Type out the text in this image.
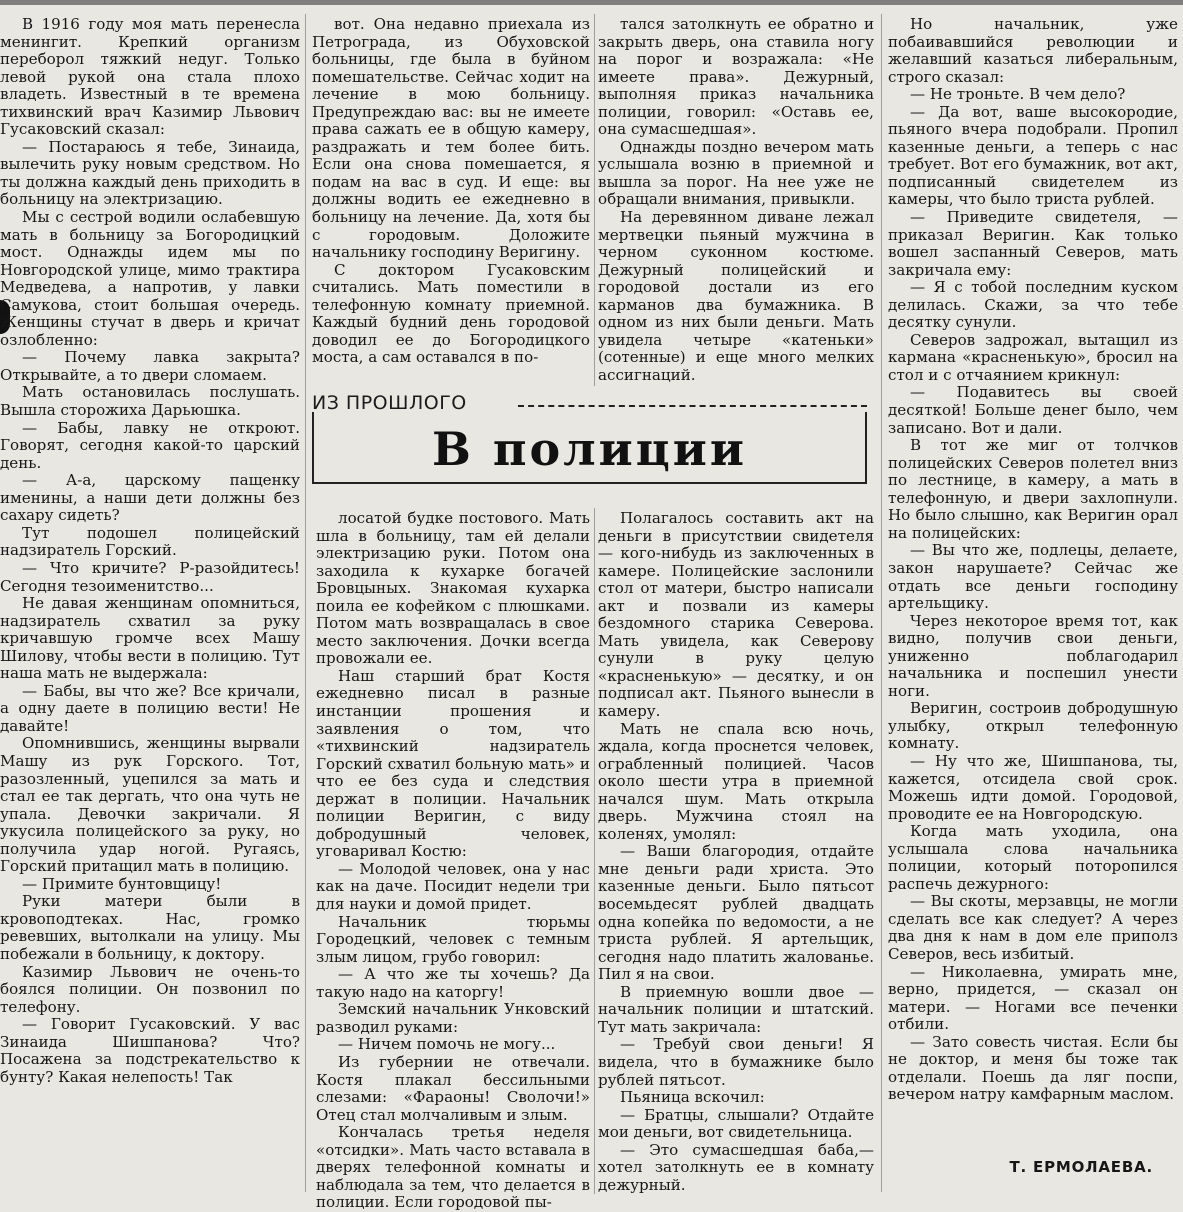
В 1916 году моя мать перенесла менингит. Крепкий организм переборол тяжкий недуг. Только левой рукой она стала плохо владеть. Известный в те времена тихвинский врач Казимир Львович Гусаковский сказал:

— Постараюсь я тебе, Зинаида, вылечить руку новым средством. Но ты должна каждый день приходить в больницу на электризацию.

Мы с сестрой водили ослабевшую мать в больницу за Богородицкий мост. Однажды идем мы по Новгородской улице, мимо трактира Медведева, а напротив, у лавки Самукова, стоит большая очередь. Женщины стучат в дверь и кричат озлобленно:

— Почему лавка закрыта? Открывайте, а то двери сломаем.

Мать остановилась послушать. Вышла сторожиха Дарьюшка.

— Бабы, лавку не откроют. Говорят, сегодня какой-то царский день.

— А-а, царскому пащенку именины, а наши дети должны без сахару сидеть?

Тут подошел полицейский надзиратель Горский.

— Что кричите? Р-разойдитесь! Сегодня тезоименитство...

Не давая женщинам опомниться, надзиратель схватил за руку кричавшую громче всех Машу Шилову, чтобы вести в полицию. Тут наша мать не выдержала:

— Бабы, вы что же? Все кричали, а одну даете в полицию вести! Не давайте!

Опомнившись, женщины вырвали Машу из рук Горского. Тот, разозленный, уцепился за мать и стал ее так дергать, что она чуть не упала. Девочки закричали. Я укусила полицейского за руку, но получила удар ногой. Ругаясь, Горский притащил мать в полицию.

— Примите бунтовщицу!

Руки матери были в кровоподтеках. Нас, громко ревевших, вытолкали на улицу. Мы побежали в больницу, к доктору.

Казимир Львович не очень-то боялся полиции. Он позвонил по телефону.

— Говорит Гусаковский. У вас Зинаида Шишпанова? Что? Посажена за подстрекательство к бунту? Какая нелепость! Так

вот. Она недавно приехала из Петрограда, из Обуховской больницы, где была в буйном помешательстве. Сейчас ходит на лечение в мою больницу. Предупреждаю вас: вы не имеете права сажать ее в общую камеру, раздражать и тем более бить. Если она снова помешается, я подам на вас в суд. И еще: вы должны водить ее ежедневно в больницу на лечение. Да, хотя бы с городовым. Доложите начальнику господину Веригину.

С доктором Гусаковским считались. Мать поместили в телефонную комнату приемной. Каждый будний день городовой доводил ее до Богородицкого моста, а сам оставался в по-

тался затолкнуть ее обратно и закрыть дверь, она ставила ногу на порог и возражала: «Не имеете права». Дежурный, выполняя приказ начальника полиции, говорил: «Оставь ее, она сумасшедшая».

Однажды поздно вечером мать услышала возню в приемной и вышла за порог. На нее уже не обращали внимания, привыкли.

На деревянном диване лежал мертвецки пьяный мужчина в черном суконном костюме. Дежурный полицейский и городовой достали из его карманов два бумажника. В одном из них были деньги. Мать увидела четыре «катеньки» (сотенные) и еще много мелких ассигнаций.

ИЗ ПРОШЛОГО
В полиции

лосатой будке постового. Мать шла в больницу, там ей делали электризацию руки. Потом она заходила к кухарке богачей Бровцыных. Знакомая кухарка поила ее кофейком с плюшками. Потом мать возвращалась в свое место заключения. Дочки всегда провожали ее.

Наш старший брат Костя ежедневно писал в разные инстанции прошения и заявления о том, что «тихвинский надзиратель Горский схватил больную мать» и что ее без суда и следствия держат в полиции. Начальник полиции Веригин, с виду добродушный человек, уговаривал Костю:

— Молодой человек, она у нас как на даче. Посидит недели три для науки и домой придет.

Начальник тюрьмы Городецкий, человек с темным злым лицом, грубо говорил:

— А что же ты хочешь? Да такую надо на каторгу!

Земский начальник Унковский разводил руками:

— Ничем помочь не могу...

Из губернии не отвечали. Костя плакал бессильными слезами: «Фараоны! Сволочи!» Отец стал молчаливым и злым.

Кончалась третья неделя «отсидки». Мать часто вставала в дверях телефонной комнаты и наблюдала за тем, что делается в полиции. Если городовой пы-

Полагалось составить акт на деньги в присутствии свидетеля — кого-нибудь из заключенных в камере. Полицейские заслонили стол от матери, быстро написали акт и позвали из камеры бездомного старика Северова. Мать увидела, как Северову сунули в руку целую «красненькую» — десятку, и он подписал акт. Пьяного вынесли в камеру.

Мать не спала всю ночь, ждала, когда проснется человек, ограбленный полицией. Часов около шести утра в приемной начался шум. Мать открыла дверь. Мужчина стоял на коленях, умолял:

— Ваши благородия, отдайте мне деньги ради христа. Это казенные деньги. Было пятьсот восемьдесят рублей двадцать одна копейка по ведомости, а не триста рублей. Я артельщик, сегодня надо платить жалованье. Пил я на свои.

В приемную вошли двое — начальник полиции и штатский. Тут мать закричала:

— Требуй свои деньги! Я видела, что в бумажнике было рублей пятьсот.

Пьяница вскочил:

— Братцы, слышали? Отдайте мои деньги, вот свидетельница.

— Это сумасшедшая баба,— хотел затолкнуть ее в комнату дежурный.

Но начальник, уже побаивавшийся революции и желавший казаться либеральным, строго сказал:

— Не троньте. В чем дело?

— Да вот, ваше высокородие, пьяного вчера подобрали. Пропил казенные деньги, а теперь с нас требует. Вот его бумажник, вот акт, подписанный свидетелем из камеры, что было триста рублей.

— Приведите свидетеля, — приказал Веригин. Как только вошел заспанный Северов, мать закричала ему:

— Я с тобой последним куском делилась. Скажи, за что тебе десятку сунули.

Северов задрожал, вытащил из кармана «красненькую», бросил на стол и с отчаянием крикнул:

— Подавитесь вы своей десяткой! Больше денег было, чем записано. Вот и дали.

В тот же миг от толчков полицейских Северов полетел вниз по лестнице, в камеру, а мать в телефонную, и двери захлопнули. Но было слышно, как Веригин орал на полицейских:

— Вы что же, подлецы, делаете, закон нарушаете? Сейчас же отдать все деньги господину артельщику.

Через некоторое время тот, как видно, получив свои деньги, униженно поблагодарил начальника и поспешил унести ноги.

Веригин, состроив добродушную улыбку, открыл телефонную комнату.

— Ну что же, Шишпанова, ты, кажется, отсидела свой срок. Можешь идти домой. Городовой, проводите ее на Новгородскую.

Когда мать уходила, она услышала слова начальника полиции, который поторопился распечь дежурного:

— Вы скоты, мерзавцы, не могли сделать все как следует? А через два дня к нам в дом еле приполз Северов, весь избитый.

— Николаевна, умирать мне, верно, придется, — сказал он матери. — Ногами все печенки отбили.

— Зато совесть чистая. Если бы не доктор, и меня бы тоже так отделали. Поешь да ляг поспи, вечером натру камфарным маслом.

Т. ЕРМОЛАЕВА.
